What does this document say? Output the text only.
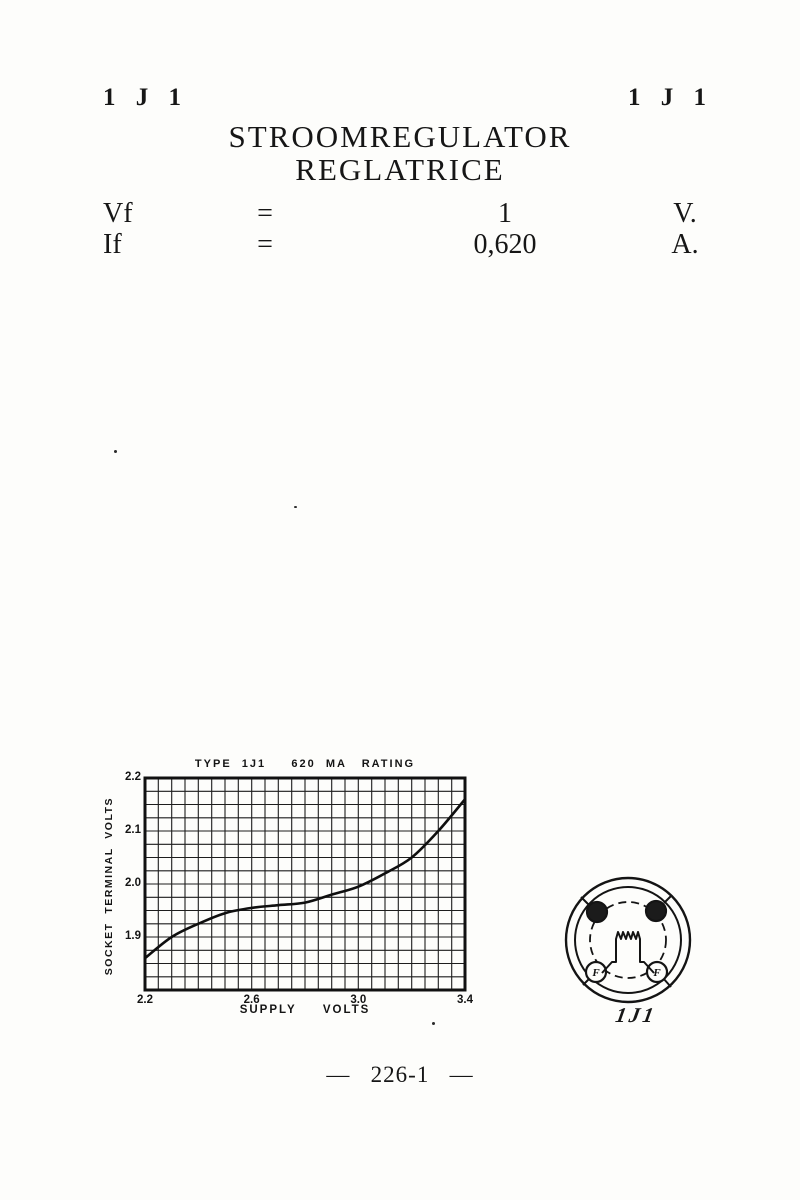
1 J 1	1 J 1
STROOMREGULATOR
REGLATRICE
Vf	=	1	V.
If	=	0,620	A.
TYPE  1J1     620  MA   RATING
SUPPLY  VOLTS
SOCKET  TERMINAL  VOLTS
2.2	2.6	3.0	3.4
2.2
2.1
2.0
1.9
F	F
1J1
—   226-1   —
